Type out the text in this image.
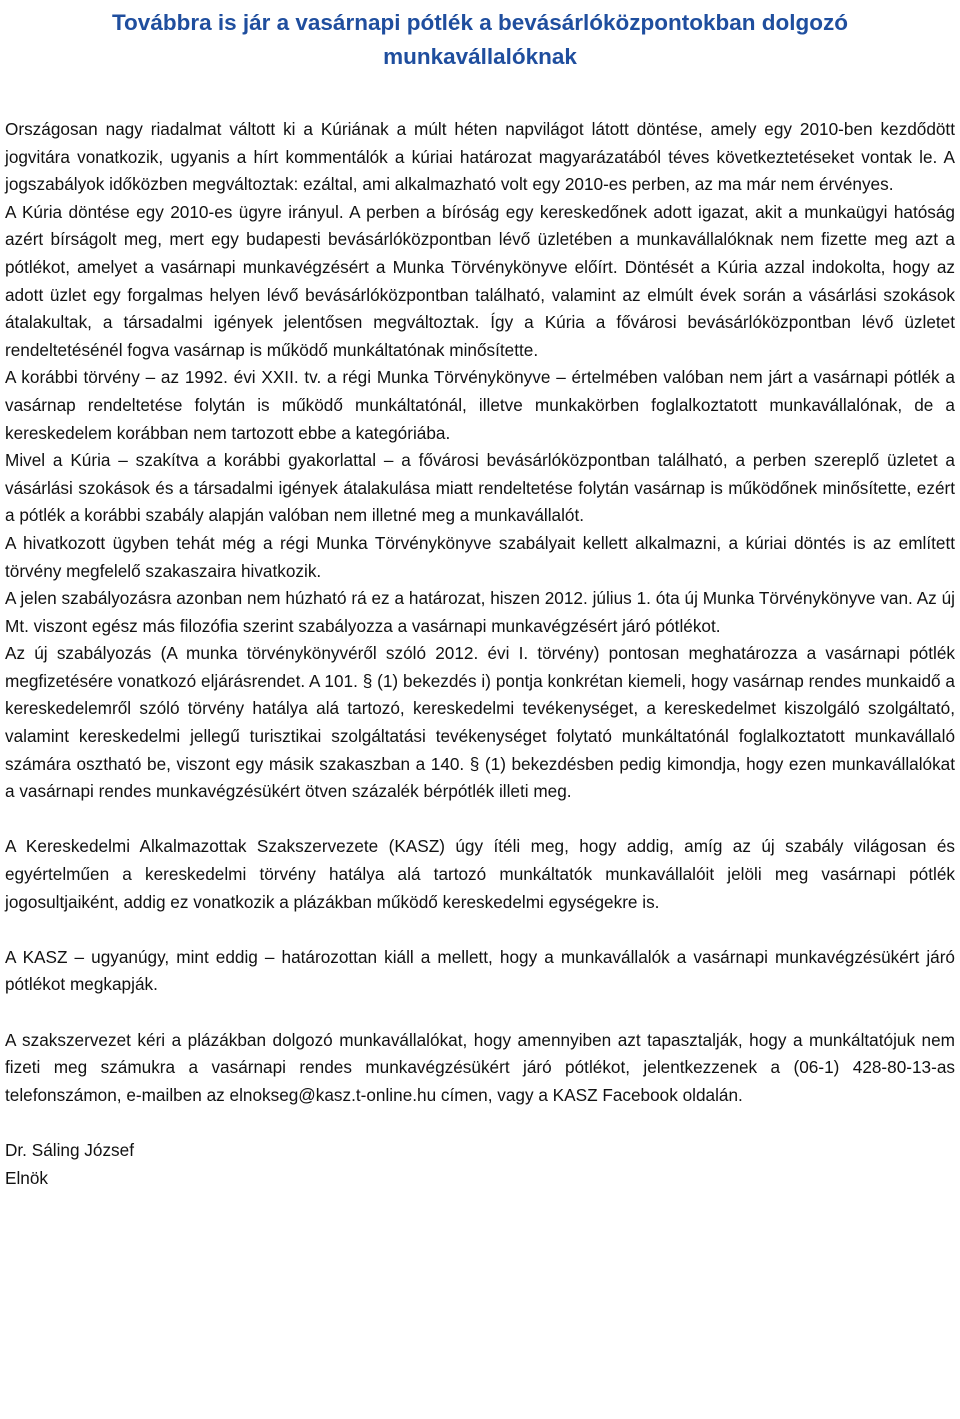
Továbbra is jár a vasárnapi pótlék a bevásárlóközpontokban dolgozó
munkavállalóknak

Országosan nagy riadalmat váltott ki a Kúriának a múlt héten napvilágot látott döntése, amely egy 2010-ben kezdődött jogvitára vonatkozik, ugyanis a hírt kommentálók a kúriai határozat magyarázatából téves következtetéseket vontak le. A jogszabályok időközben megváltoztak: ezáltal, ami alkalmazható volt egy 2010-es perben, az ma már nem érvényes.

A Kúria döntése egy 2010-es ügyre irányul. A perben a bíróság egy kereskedőnek adott igazat, akit a munkaügyi hatóság azért bírságolt meg, mert egy budapesti bevásárlóközpontban lévő üzletében a munkavállalóknak nem fizette meg azt a pótlékot, amelyet a vasárnapi munkavégzésért a Munka Törvénykönyve előírt. Döntését a Kúria azzal indokolta, hogy az adott üzlet egy forgalmas helyen lévő bevásárlóközpontban található, valamint az elmúlt évek során a vásárlási szokások átalakultak, a társadalmi igények jelentősen megváltoztak. Így a Kúria a fővárosi bevásárlóközpontban lévő üzletet rendeltetésénél fogva vasárnap is működő munkáltatónak minősítette.

A korábbi törvény – az 1992. évi XXII. tv. a régi Munka Törvénykönyve – értelmében valóban nem járt a vasárnapi pótlék a vasárnap rendeltetése folytán is működő munkáltatónál, illetve munkakörben foglalkoztatott munkavállalónak, de a kereskedelem korábban nem tartozott ebbe a kategóriába.

Mivel a Kúria – szakítva a korábbi gyakorlattal – a fővárosi bevásárlóközpontban található, a perben szereplő üzletet a vásárlási szokások és a társadalmi igények átalakulása miatt rendeltetése folytán vasárnap is működőnek minősítette, ezért a pótlék a korábbi szabály alapján valóban nem illetné meg a munkavállalót.

A hivatkozott ügyben tehát még a régi Munka Törvénykönyve szabályait kellett alkalmazni, a kúriai döntés is az említett törvény megfelelő szakaszaira hivatkozik.

A jelen szabályozásra azonban nem húzható rá ez a határozat, hiszen 2012. július 1. óta új Munka Törvénykönyve van. Az új Mt. viszont egész más filozófia szerint szabályozza a vasárnapi munkavégzésért járó pótlékot.

Az új szabályozás (A munka törvénykönyvéről szóló 2012. évi I. törvény) pontosan meghatározza a vasárnapi pótlék megfizetésére vonatkozó eljárásrendet. A 101. § (1) bekezdés i) pontja konkrétan kiemeli, hogy vasárnap rendes munkaidő a kereskedelemről szóló törvény hatálya alá tartozó, kereskedelmi tevékenységet, a kereskedelmet kiszolgáló szolgáltató, valamint kereskedelmi jellegű turisztikai szolgáltatási tevékenységet folytató munkáltatónál foglalkoztatott munkavállaló számára osztható be, viszont egy másik szakaszban a 140. § (1) bekezdésben pedig kimondja, hogy ezen munkavállalókat a vasárnapi rendes munkavégzésükért ötven százalék bérpótlék illeti meg.

A Kereskedelmi Alkalmazottak Szakszervezete (KASZ) úgy ítéli meg, hogy addig, amíg az új szabály világosan és egyértelműen a kereskedelmi törvény hatálya alá tartozó munkáltatók munkavállalóit jelöli meg vasárnapi pótlék jogosultjaiként, addig ez vonatkozik a plázákban működő kereskedelmi egységekre is.

A KASZ – ugyanúgy, mint eddig – határozottan kiáll a mellett, hogy a munkavállalók a vasárnapi munkavégzésükért járó pótlékot megkapják.

A szakszervezet kéri a plázákban dolgozó munkavállalókat, hogy amennyiben azt tapasztalják, hogy a munkáltatójuk nem fizeti meg számukra a vasárnapi rendes munkavégzésükért járó pótlékot, jelentkezzenek a (06-1) 428-80-13-as telefonszámon, e-mailben az elnokseg@kasz.t-online.hu címen, vagy a KASZ Facebook oldalán.

Dr. Sáling József

Elnök
